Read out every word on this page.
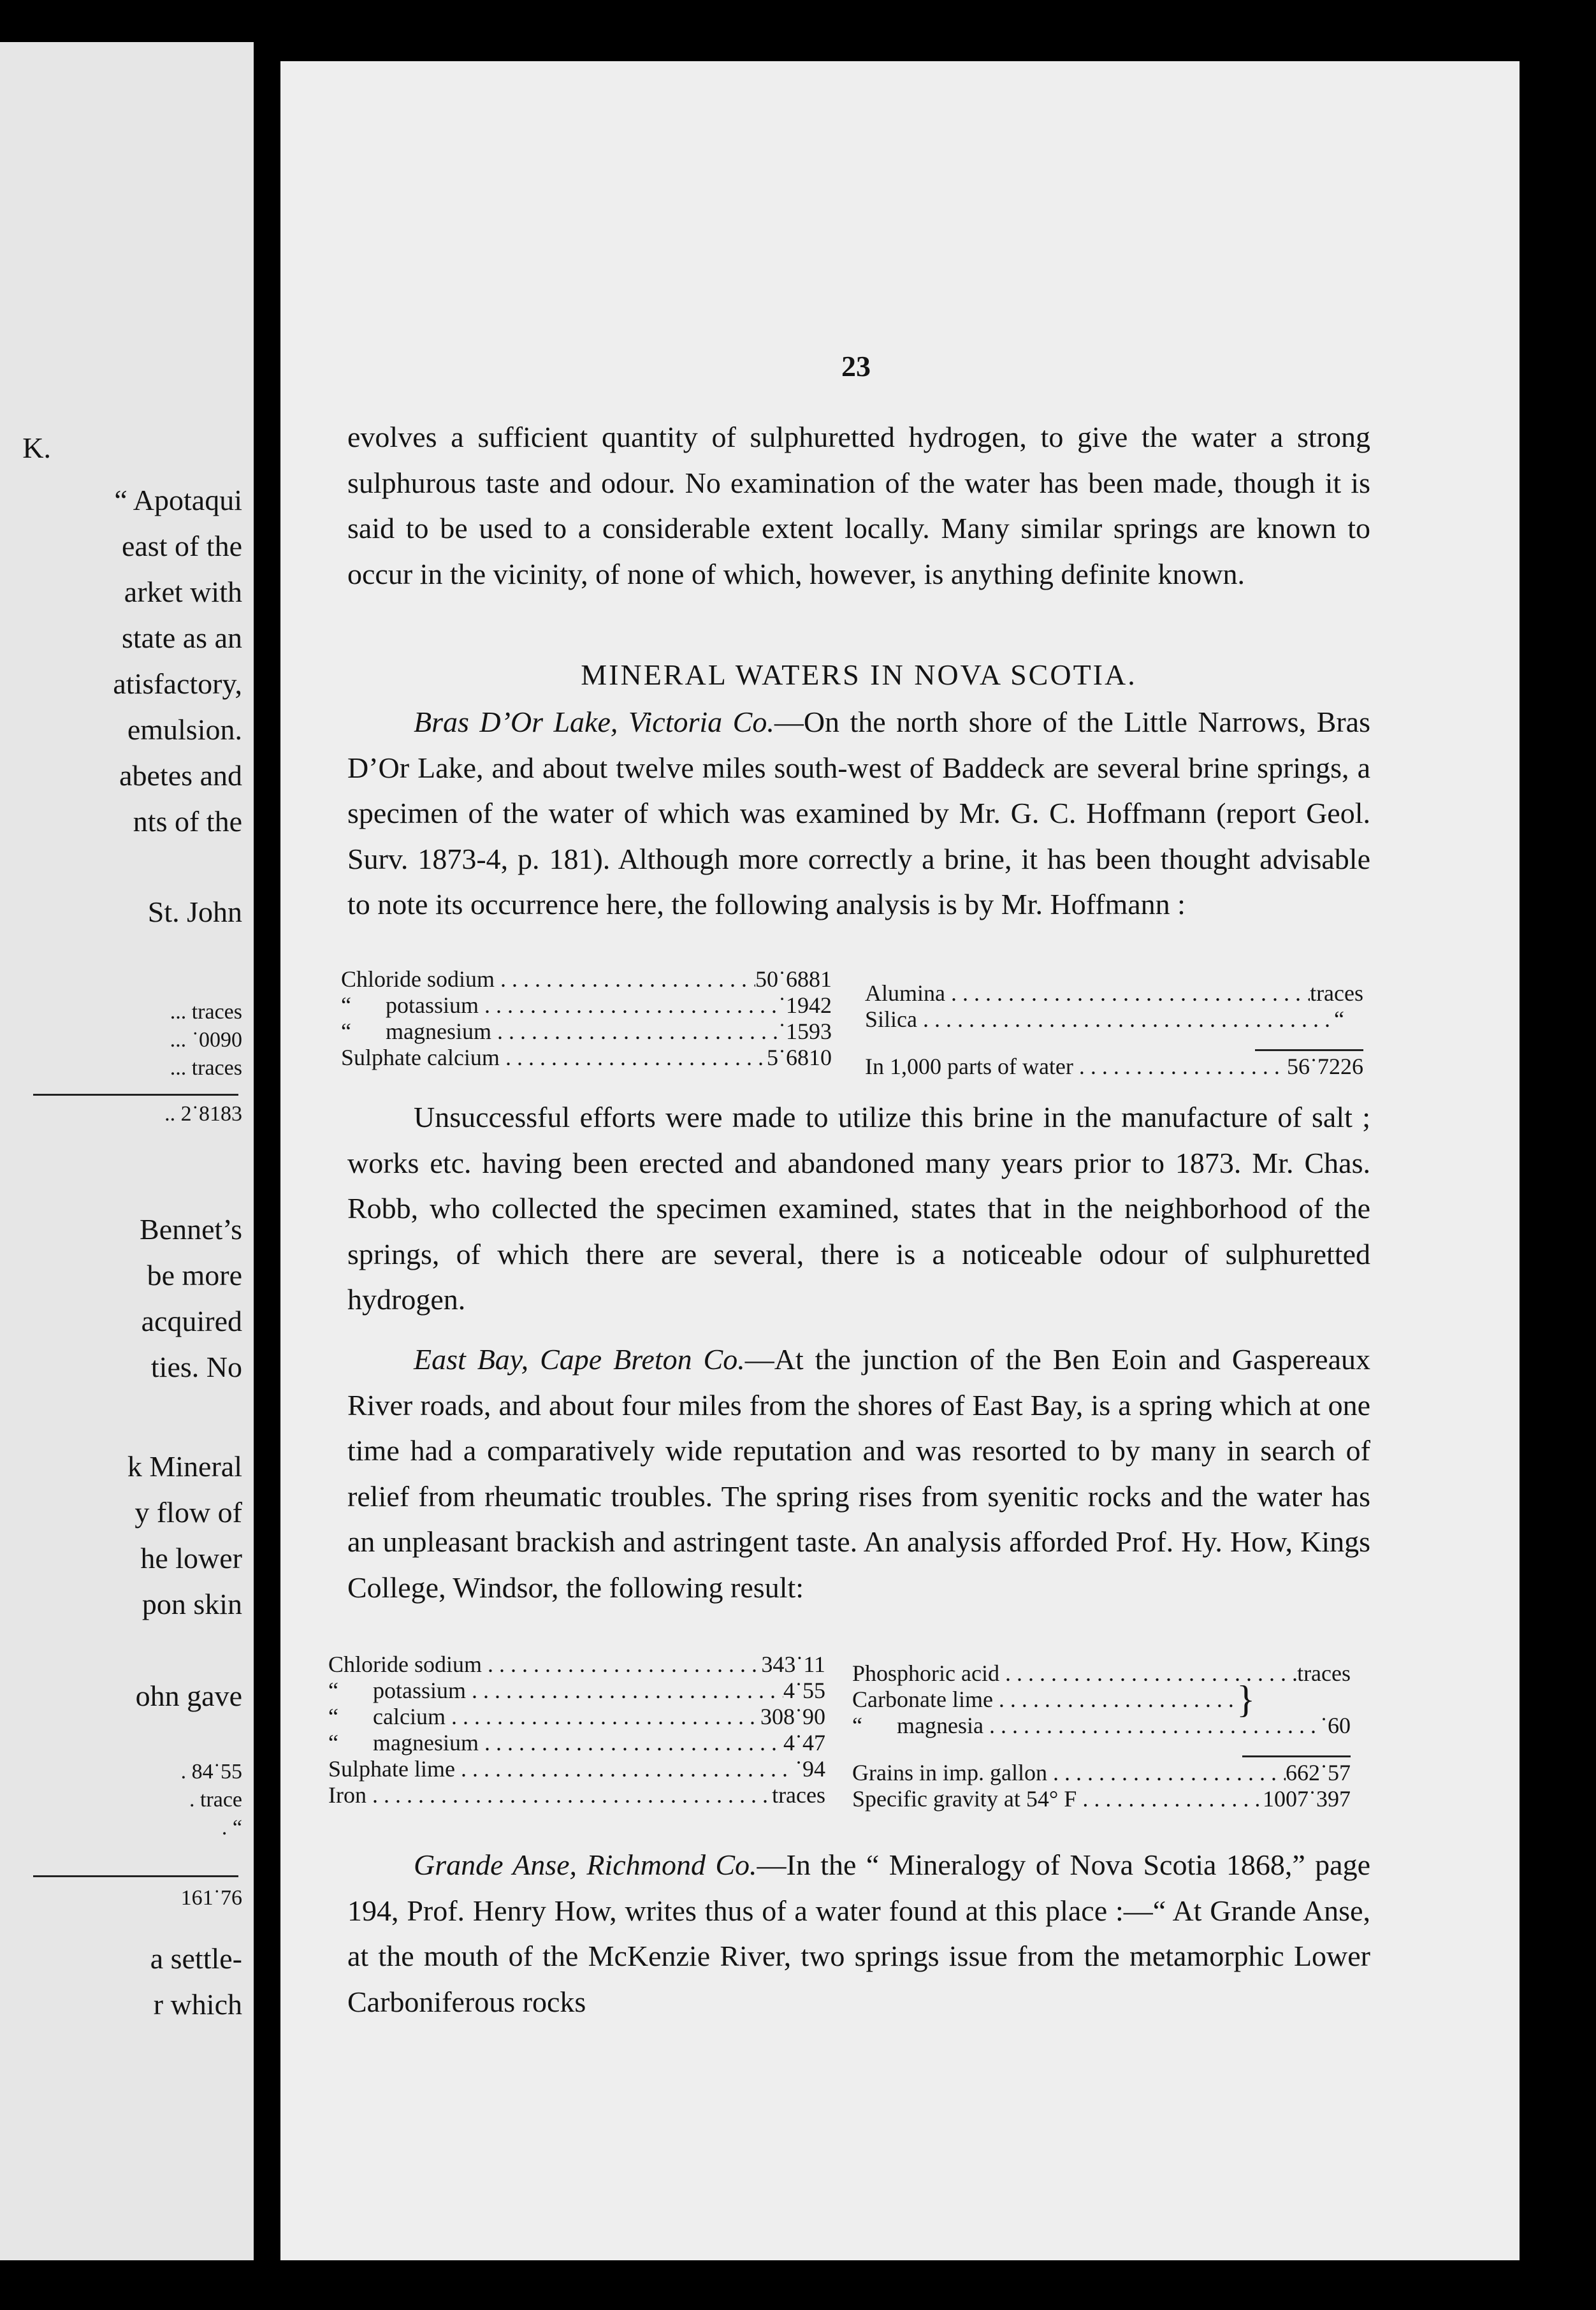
K.
“ Apotaqui
east of the
arket with
state as an
atisfactory,
emulsion.
abetes and
nts of the
St. John
... traces
... ˙0090
... traces
.. 2˙8183
Bennet’s
be more
acquired
ties. No
k Mineral
y flow of
he lower
pon skin
ohn gave
. 84˙55
. trace
. “
161˙76
a settle-
r which
23

evolves a sufficient quantity of sulphuretted hydrogen, to give the water a strong sulphurous taste and odour. No examination of the water has been made, though it is said to be used to a considerable extent locally. Many similar springs are known to occur in the vicinity, of none of which, however, is anything definite known.

MINERAL WATERS IN NOVA SCOTIA.

Bras D’Or Lake, Victoria Co.—On the north shore of the Little Narrows, Bras D’Or Lake, and about twelve miles south-west of Baddeck are several brine springs, a specimen of the water of which was examined by Mr. G. C. Hoffmann (report Geol. Surv. 1873-4, p. 181). Although more correctly a brine, it has been thought advisable to note its occurrence here, the following analysis is by Mr. Hoffmann :

Chloride sodium . . .	50˙6881
“	potassium . . .	˙1942
“	magnesium . . .	˙1593
Sulphate calcium . . .	5˙6810
Alumina . . .	traces
Silica . . .	“
In 1,000 parts of water . . .	56˙7226

Unsuccessful efforts were made to utilize this brine in the manufacture of salt ; works etc. having been erected and abandoned many years prior to 1873. Mr. Chas. Robb, who collected the specimen examined, states that in the neighborhood of the springs, of which there are several, there is a noticeable odour of sulphuretted hydrogen.

East Bay, Cape Breton Co.—At the junction of the Ben Eoin and Gaspereaux River roads, and about four miles from the shores of East Bay, is a spring which at one time had a comparatively wide reputation and was resorted to by many in search of relief from rheumatic troubles. The spring rises from syenitic rocks and the water has an unpleasant brackish and astringent taste. An analysis afforded Prof. Hy. How, Kings College, Windsor, the following result:

Chloride sodium . . .	343˙11
“	potassium . . .	4˙55
“	calcium . . .	308˙90
“	magnesium . . .	4˙47
Sulphate lime . . .	˙94
Iron . . .	traces
Phosphoric acid . . .	traces
Carbonate lime . . .	}
“	magnesia . . .	˙60
Grains in imp. gallon . . .	662˙57
Specific gravity at 54° F . . .	1007˙397

Grande Anse, Richmond Co.—In the “ Mineralogy of Nova Scotia 1868,” page 194, Prof. Henry How, writes thus of a water found at this place :—“ At Grande Anse, at the mouth of the McKenzie River, two springs issue from the metamorphic Lower Carboniferous rocks
